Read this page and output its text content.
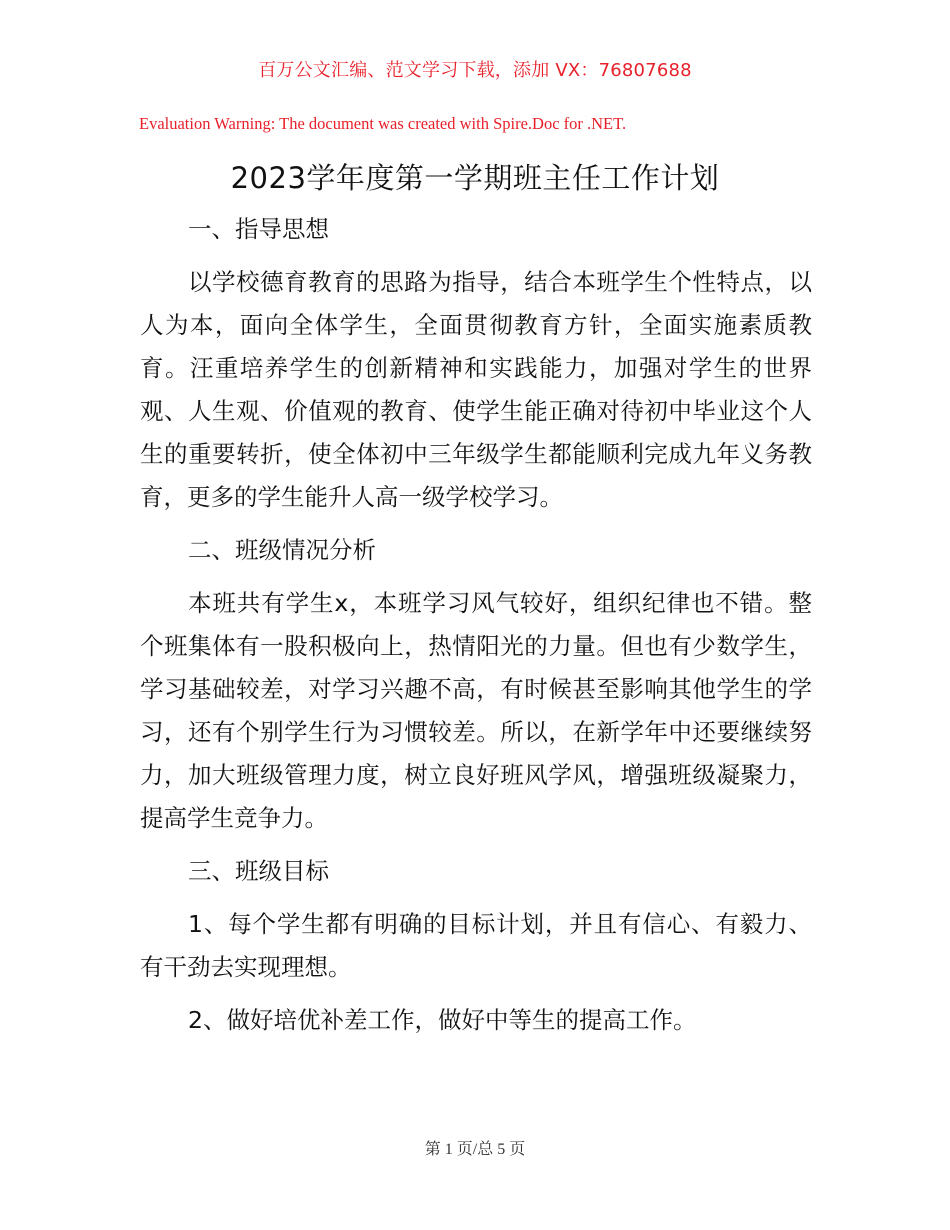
百万公文汇编、范文学习下载，添加 VX：76807688
Evaluation Warning: The document was created with Spire.Doc for .NET.
2023学年度第一学期班主任工作计划

一、指导思想

以学校德育教育的思路为指导，结合本班学生个性特点，以人为本，面向全体学生，全面贯彻教育方针，全面实施素质教育。汪重培养学生的创新精神和实践能力，加强对学生的世界观、人生观、价值观的教育、使学生能正确对待初中毕业这个人生的重要转折，使全体初中三年级学生都能顺利完成九年义务教育，更多的学生能升人高一级学校学习。

二、班级情况分析

本班共有学生x，本班学习风气较好，组织纪律也不错。整个班集体有一股积极向上，热情阳光的力量。但也有少数学生，学习基础较差，对学习兴趣不高，有时候甚至影响其他学生的学习，还有个别学生行为习惯较差。所以，在新学年中还要继续努力，加大班级管理力度，树立良好班风学风，增强班级凝聚力，提高学生竞争力。

三、班级目标

1、每个学生都有明确的目标计划，并且有信心、有毅力、有干劲去实现理想。

2、做好培优补差工作，做好中等生的提高工作。

第 1 页/总 5 页
